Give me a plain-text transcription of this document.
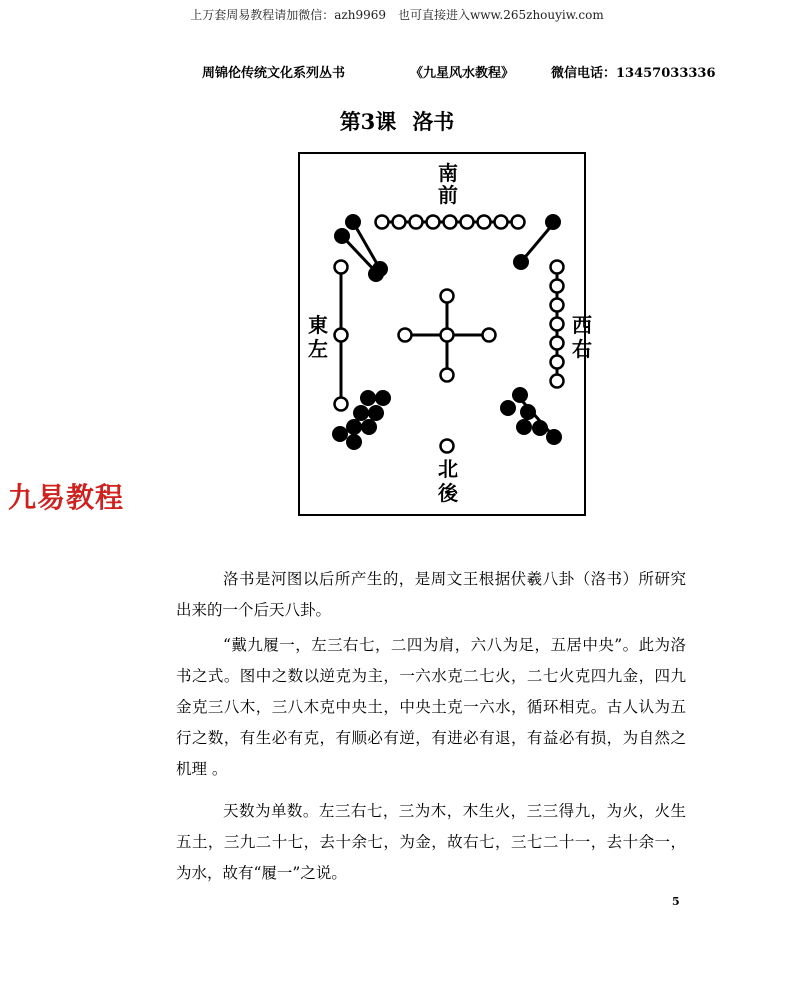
上万套周易教程请加微信：azh9969　也可直接进入www.265zhouyiw.com
周锦伦传统文化系列丛书	《九星风水教程》	微信电话：13457033336
第3课 洛书
南
前
東
左
西
右
北
後
九易教程
洛书是河图以后所产生的，是周文王根据伏羲八卦（洛书）所研究出来的一个后天八卦。
“戴九履一，左三右七，二四为肩，六八为足，五居中央”。此为洛书之式。图中之数以逆克为主，一六水克二七火，二七火克四九金，四九金克三八木，三八木克中央土，中央土克一六水，循环相克。古人认为五行之数，有生必有克，有顺必有逆，有进必有退，有益必有损，为自然之机理 。
天数为单数。左三右七，三为木，木生火，三三得九，为火，火生五土，三九二十七，去十余七，为金，故右七，三七二十一，去十余一，为水，故有“履一”之说。
5
